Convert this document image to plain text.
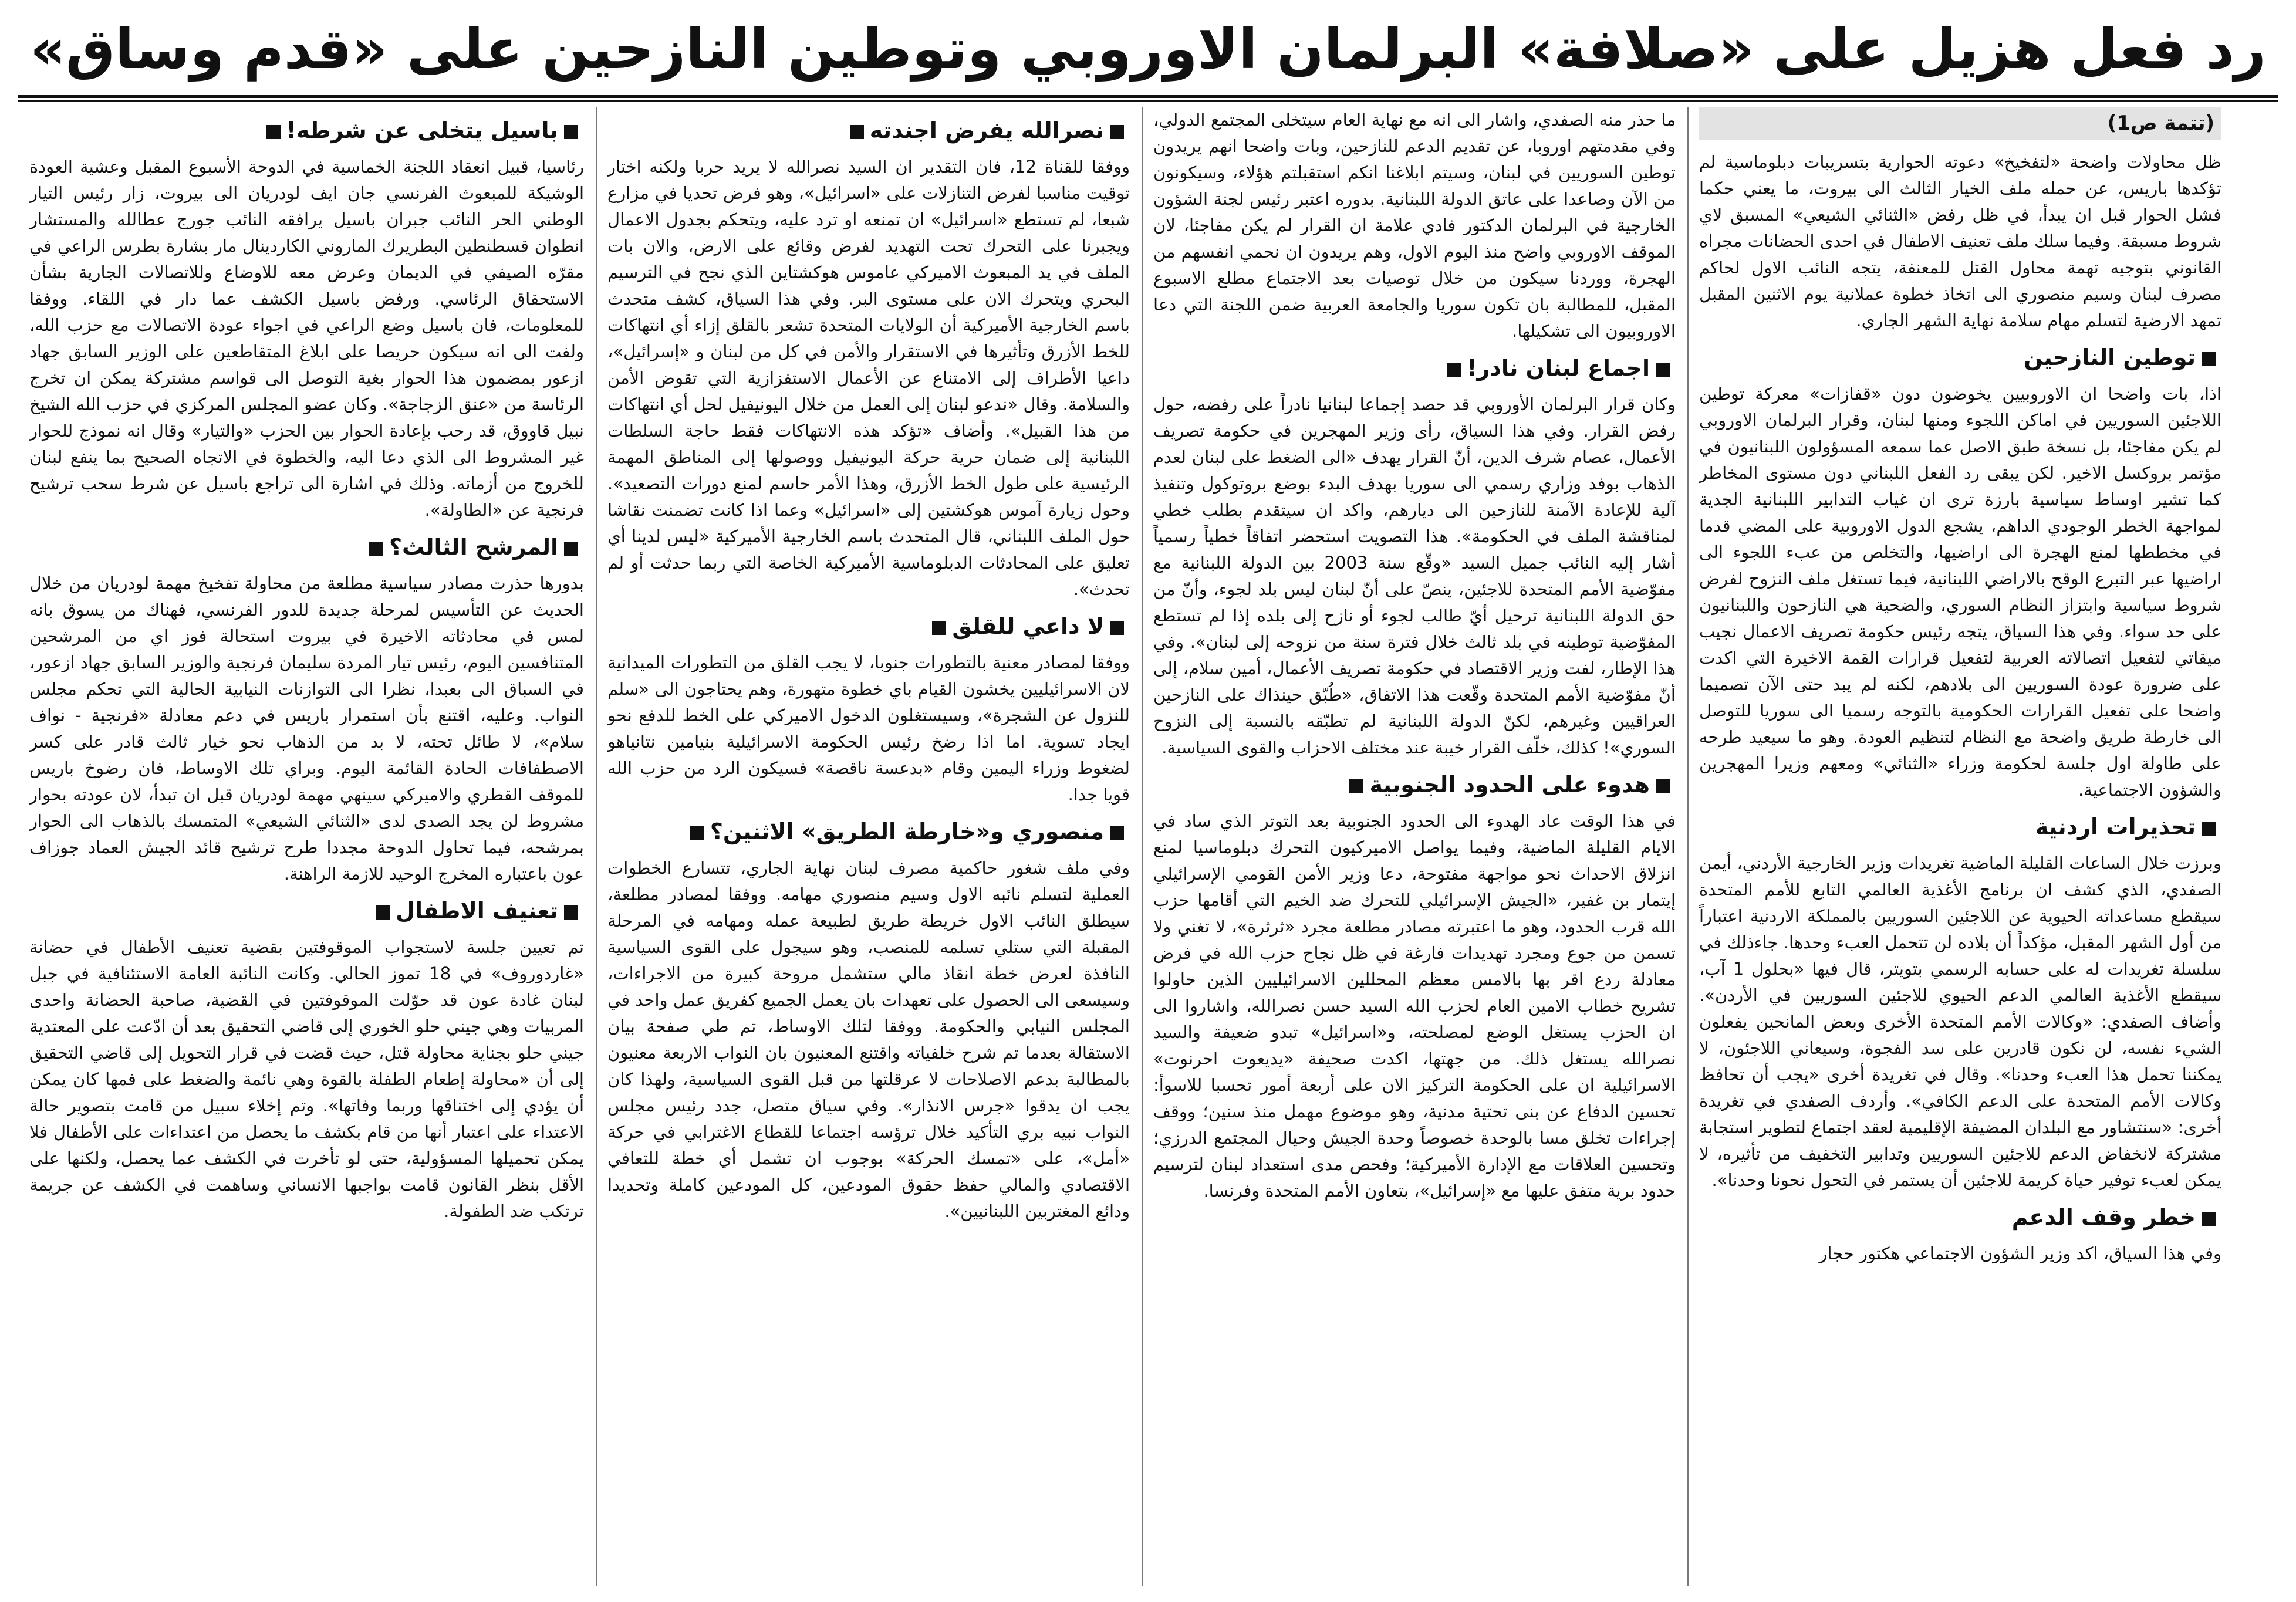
رد فعل هزيل على «صلافة» البرلمان الاوروبي وتوطين النازحين على «قدم وساق»
(تتمة ص1)

ظل محاولات واضحة «لتفخيخ» دعوته الحوارية بتسريبات دبلوماسية لم تؤكدها باريس، عن حمله ملف الخيار الثالث الى بيروت، ما يعني حكما فشل الحوار قبل ان يبدأ، في ظل رفض «الثنائي الشيعي» المسبق لاي شروط مسبقة. وفيما سلك ملف تعنيف الاطفال في احدى الحضانات مجراه القانوني بتوجيه تهمة محاول القتل للمعنفة، يتجه النائب الاول لحاكم مصرف لبنان وسيم منصوري الى اتخاذ خطوة عملانية يوم الاثنين المقبل تمهد الارضية لتسلم مهام سلامة نهاية الشهر الجاري.

توطين النازحين

اذا، بات واضحا ان الاوروبيين يخوضون دون «قفازات» معركة توطين اللاجئين السوريين في اماكن اللجوء ومنها لبنان، وقرار البرلمان الاوروبي لم يكن مفاجئا، بل نسخة طبق الاصل عما سمعه المسؤولون اللبنانيون في مؤتمر بروكسل الاخير. لكن يبقى رد الفعل اللبناني دون مستوى المخاطر كما تشير اوساط سياسية بارزة ترى ان غياب التدابير اللبنانية الجدية لمواجهة الخطر الوجودي الداهم، يشجع الدول الاوروبية على المضي قدما في مخططها لمنع الهجرة الى اراضيها، والتخلص من عبء اللجوء الى اراضيها عبر التبرع الوقح بالاراضي اللبنانية، فيما تستغل ملف النزوح لفرض شروط سياسية وابتزاز النظام السوري، والضحية هي النازحون واللبنانيون على حد سواء. وفي هذا السياق، يتجه رئيس حكومة تصريف الاعمال نجيب ميقاتي لتفعيل اتصالاته العربية لتفعيل قرارات القمة الاخيرة التي اكدت على ضرورة عودة السوريين الى بلادهم، لكنه لم يبد حتى الآن تصميما واضحا على تفعيل القرارات الحكومية بالتوجه رسميا الى سوريا للتوصل الى خارطة طريق واضحة مع النظام لتنظيم العودة. وهو ما سيعيد طرحه على طاولة اول جلسة لحكومة وزراء «الثنائي» ومعهم وزيرا المهجرين والشؤون الاجتماعية.

تحذيرات اردنية

وبرزت خلال الساعات القليلة الماضية تغريدات وزير الخارجية الأردني، أيمن الصفدي، الذي كشف ان برنامج الأغذية العالمي التابع للأمم المتحدة سيقطع مساعداته الحيوية عن اللاجئين السوريين بالمملكة الاردنية اعتباراً من أول الشهر المقبل، مؤكداً أن بلاده لن تتحمل العبء وحدها. جاءذلك في سلسلة تغريدات له على حسابه الرسمي بتويتر، قال فيها «بحلول 1 آب، سيقطع الأغذية العالمي الدعم الحيوي للاجئين السوريين في الأردن». وأضاف الصفدي: «وكالات الأمم المتحدة الأخرى وبعض المانحين يفعلون الشيء نفسه، لن نكون قادرين على سد الفجوة، وسيعاني اللاجئون، لا يمكننا تحمل هذا العبء وحدنا». وقال في تغريدة أخرى «يجب أن تحافظ وكالات الأمم المتحدة على الدعم الكافي». وأردف الصفدي في تغريدة أخرى: «سنتشاور مع البلدان المضيفة الإقليمية لعقد اجتماع لتطوير استجابة مشتركة لانخفاض الدعم للاجئين السوريين وتدابير التخفيف من تأثيره، لا يمكن لعبء توفير حياة كريمة للاجئين أن يستمر في التحول نحونا وحدنا».

خطر وقف الدعم

وفي هذا السياق، اكد وزير الشؤون الاجتماعي هكتور حجار

ما حذر منه الصفدي، واشار الى انه مع نهاية العام سيتخلى المجتمع الدولي، وفي مقدمتهم اوروبا، عن تقديم الدعم للنازحين، وبات واضحا انهم يريدون توطين السوريين في لبنان، وسيتم ابلاغنا انكم استقبلتم هؤلاء، وسيكونون من الآن وصاعدا على عاتق الدولة اللبنانية. بدوره اعتبر رئيس لجنة الشؤون الخارجية في البرلمان الدكتور فادي علامة ان القرار لم يكن مفاجئا، لان الموقف الاوروبي واضح منذ اليوم الاول، وهم يريدون ان نحمي انفسهم من الهجرة، ووردنا سيكون من خلال توصيات بعد الاجتماع مطلع الاسبوع المقبل، للمطالبة بان تكون سوريا والجامعة العربية ضمن اللجنة التي دعا الاوروبيون الى تشكيلها.

اجماع لبنان نادر!

وكان قرار البرلمان الأوروبي قد حصد إجماعا لبنانيا نادراً على رفضه، حول رفض القرار. وفي هذا السياق، رأى وزير المهجرين في حكومة تصريف الأعمال، عصام شرف الدين، أنّ القرار يهدف «الى الضغط على لبنان لعدم الذهاب بوفد وزاري رسمي الى سوريا بهدف البدء بوضع بروتوكول وتنفيذ آلية للإعادة الآمنة للنازحين الى ديارهم، واكد ان سيتقدم بطلب خطي لمناقشة الملف في الحكومة». هذا التصويت استحضر اتفاقاً خطياً رسمياً أشار إليه النائب جميل السيد «وقّع سنة 2003 بين الدولة اللبنانية مع مفوّضية الأمم المتحدة للاجئين، ينصّ على أنّ لبنان ليس بلد لجوء، وأنّ من حق الدولة اللبنانية ترحيل أيّ طالب لجوء أو نازح إلى بلده إذا لم تستطع المفوّضية توطينه في بلد ثالث خلال فترة سنة من نزوحه إلى لبنان». وفي هذا الإطار، لفت وزير الاقتصاد في حكومة تصريف الأعمال، أمين سلام، إلى أنّ مفوّضية الأمم المتحدة وقّعت هذا الاتفاق، «طُبّق حينذاك على النازحين العراقيين وغيرهم، لكنّ الدولة اللبنانية لم تطبّقه بالنسبة إلى النزوح السوري»! كذلك، خلّف القرار خيبة عند مختلف الاحزاب والقوى السياسية.

هدوء على الحدود الجنوبية

في هذا الوقت عاد الهدوء الى الحدود الجنوبية بعد التوتر الذي ساد في الايام القليلة الماضية، وفيما يواصل الاميركيون التحرك دبلوماسيا لمنع انزلاق الاحداث نحو مواجهة مفتوحة، دعا وزير الأمن القومي الإسرائيلي إيتمار بن غفير، «الجيش الإسرائيلي للتحرك ضد الخيم التي أقامها حزب الله قرب الحدود، وهو ما اعتبرته مصادر مطلعة مجرد «ثرثرة»، لا تغني ولا تسمن من جوع ومجرد تهديدات فارغة في ظل نجاح حزب الله في فرض معادلة ردع اقر بها بالامس معظم المحللين الاسرائيليين الذين حاولوا تشريح خطاب الامين العام لحزب الله السيد حسن نصرالله، واشاروا الى ان الحزب يستغل الوضع لمصلحته، و«اسرائيل» تبدو ضعيفة والسيد نصرالله يستغل ذلك. من جهتها، اكدت صحيفة «يديعوت احرنوت» الاسرائيلية ان على الحكومة التركيز الان على أربعة أمور تحسبا للاسوأ: تحسين الدفاع عن بنى تحتية مدنية، وهو موضوع مهمل منذ سنين؛ ووقف إجراءات تخلق مسا بالوحدة خصوصاً وحدة الجيش وحيال المجتمع الدرزي؛ وتحسين العلاقات مع الإدارة الأميركية؛ وفحص مدى استعداد لبنان لترسيم حدود برية متفق عليها مع «إسرائيل»، بتعاون الأمم المتحدة وفرنسا.

نصرالله يفرض اجندته

ووفقا للقناة 12، فان التقدير ان السيد نصرالله لا يريد حربا ولكنه اختار توقيت مناسبا لفرض التنازلات على «اسرائيل»، وهو فرض تحديا في مزارع شبعا، لم تستطع «اسرائيل» ان تمنعه او ترد عليه، ويتحكم بجدول الاعمال ويجبرنا على التحرك تحت التهديد لفرض وقائع على الارض، والان بات الملف في يد المبعوث الاميركي عاموس هوكشتاين الذي نجح في الترسيم البحري ويتحرك الان على مستوى البر. وفي هذا السياق، كشف متحدث باسم الخارجية الأميركية أن الولايات المتحدة تشعر بالقلق إزاء أي انتهاكات للخط الأزرق وتأثيرها في الاستقرار والأمن في كل من لبنان و «إسرائيل»، داعيا الأطراف إلى الامتناع عن الأعمال الاستفزازية التي تقوض الأمن والسلامة. وقال «ندعو لبنان إلى العمل من خلال اليونيفيل لحل أي انتهاكات من هذا القبيل». وأضاف «تؤكد هذه الانتهاكات فقط حاجة السلطات اللبنانية إلى ضمان حرية حركة اليونيفيل ووصولها إلى المناطق المهمة الرئيسية على طول الخط الأزرق، وهذا الأمر حاسم لمنع دورات التصعيد». وحول زيارة آموس هوكشتين إلى «اسرائيل» وعما اذا كانت تضمنت نقاشا حول الملف اللبناني، قال المتحدث باسم الخارجية الأميركية «ليس لدينا أي تعليق على المحادثات الدبلوماسية الأميركية الخاصة التي ربما حدثت أو لم تحدث».

لا داعي للقلق

ووفقا لمصادر معنية بالتطورات جنوبا، لا يجب القلق من التطورات الميدانية لان الاسرائيليين يخشون القيام باي خطوة متهورة، وهم يحتاجون الى «سلم للنزول عن الشجرة»، وسيستغلون الدخول الاميركي على الخط للدفع نحو ايجاد تسوية. اما اذا رضخ رئيس الحكومة الاسرائيلية بنيامين نتانياهو لضغوط وزراء اليمين وقام «بدعسة ناقصة» فسيكون الرد من حزب الله قويا جدا.

منصوري و«خارطة الطريق» الاثنين؟

وفي ملف شغور حاكمية مصرف لبنان نهاية الجاري، تتسارع الخطوات العملية لتسلم نائبه الاول وسيم منصوري مهامه. ووفقا لمصادر مطلعة، سيطلق النائب الاول خريطة طريق لطبيعة عمله ومهامه في المرحلة المقبلة التي ستلي تسلمه للمنصب، وهو سيجول على القوى السياسية النافذة لعرض خطة انقاذ مالي ستشمل مروحة كبيرة من الاجراءات، وسيسعى الى الحصول على تعهدات بان يعمل الجميع كفريق عمل واحد في المجلس النيابي والحكومة. ووفقا لتلك الاوساط، تم طي صفحة بيان الاستقالة بعدما تم شرح خلفياته واقتنع المعنيون بان النواب الاربعة معنيون بالمطالبة بدعم الاصلاحات لا عرقلتها من قبل القوى السياسية، ولهذا كان يجب ان يدقوا «جرس الانذار». وفي سياق متصل، جدد رئيس مجلس النواب نبيه بري التأكيد خلال ترؤسه اجتماعا للقطاع الاغترابي في حركة «أمل»، على «تمسك الحركة» بوجوب ان تشمل أي خطة للتعافي الاقتصادي والمالي حفظ حقوق المودعين، كل المودعين كاملة وتحديدا ودائع المغتربين اللبنانيين».

باسيل يتخلى عن شرطه!

رئاسيا، قبيل انعقاد اللجنة الخماسية في الدوحة الأسبوع المقبل وعشية العودة الوشيكة للمبعوث الفرنسي جان ايف لودريان الى بيروت، زار رئيس التيار الوطني الحر النائب جبران باسيل يرافقه النائب جورج عطالله والمستشار انطوان قسطنطين البطريرك الماروني الكاردينال مار بشارة بطرس الراعي في مقرّه الصيفي في الديمان وعرض معه للاوضاع وللاتصالات الجارية بشأن الاستحقاق الرئاسي. ورفض باسيل الكشف عما دار في اللقاء. ووفقا للمعلومات، فان باسيل وضع الراعي في اجواء عودة الاتصالات مع حزب الله، ولفت الى انه سيكون حريصا على ابلاغ المتقاطعين على الوزير السابق جهاد ازعور بمضمون هذا الحوار بغية التوصل الى قواسم مشتركة يمكن ان تخرج الرئاسة من «عنق الزجاجة». وكان عضو المجلس المركزي في حزب الله الشيخ نبيل قاووق، قد رحب بإعادة الحوار بين الحزب «والتيار» وقال انه نموذج للحوار غير المشروط الى الذي دعا اليه، والخطوة في الاتجاه الصحيح بما ينفع لبنان للخروج من أزماته. وذلك في اشارة الى تراجع باسيل عن شرط سحب ترشيح فرنجية عن «الطاولة».

المرشح الثالث؟

بدورها حذرت مصادر سياسية مطلعة من محاولة تفخيخ مهمة لودريان من خلال الحديث عن التأسيس لمرحلة جديدة للدور الفرنسي، فهناك من يسوق بانه لمس في محادثاته الاخيرة في بيروت استحالة فوز اي من المرشحين المتنافسين اليوم، رئيس تيار المردة سليمان فرنجية والوزير السابق جهاد ازعور، في السباق الى بعبدا، نظرا الى التوازنات النيابية الحالية التي تحكم مجلس النواب. وعليه، اقتنع بأن استمرار باريس في دعم معادلة «فرنجية - نواف سلام»، لا طائل تحته، لا بد من الذهاب نحو خيار ثالث قادر على كسر الاصطفافات الحادة القائمة اليوم. وبراي تلك الاوساط، فان رضوخ باريس للموقف القطري والاميركي سينهي مهمة لودريان قبل ان تبدأ، لان عودته بحوار مشروط لن يجد الصدى لدى «الثنائي الشيعي» المتمسك بالذهاب الى الحوار بمرشحه، فيما تحاول الدوحة مجددا طرح ترشيح قائد الجيش العماد جوزاف عون باعتباره المخرج الوحيد للازمة الراهنة.

تعنيف الاطفال

تم تعيين جلسة لاستجواب الموقوفتين بقضية تعنيف الأطفال في حضانة «غاردوروف» في 18 تموز الحالي. وكانت النائبة العامة الاستئنافية في جبل لبنان غادة عون قد حوّلت الموقوفتين في القضية، صاحبة الحضانة واحدى المربيات وهي جيني حلو الخوري إلى قاضي التحقيق بعد أن ادّعت على المعتدية جيني حلو بجناية محاولة قتل، حيث قضت في قرار التحويل إلى قاضي التحقيق إلى أن «محاولة إطعام الطفلة بالقوة وهي نائمة والضغط على فمها كان يمكن أن يؤدي إلى اختناقها وربما وفاتها». وتم إخلاء سبيل من قامت بتصوير حالة الاعتداء على اعتبار أنها من قام بكشف ما يحصل من اعتداءات على الأطفال فلا يمكن تحميلها المسؤولية، حتى لو تأخرت في الكشف عما يحصل، ولكنها على الأقل بنظر القانون قامت بواجبها الانساني وساهمت في الكشف عن جريمة ترتكب ضد الطفولة.
